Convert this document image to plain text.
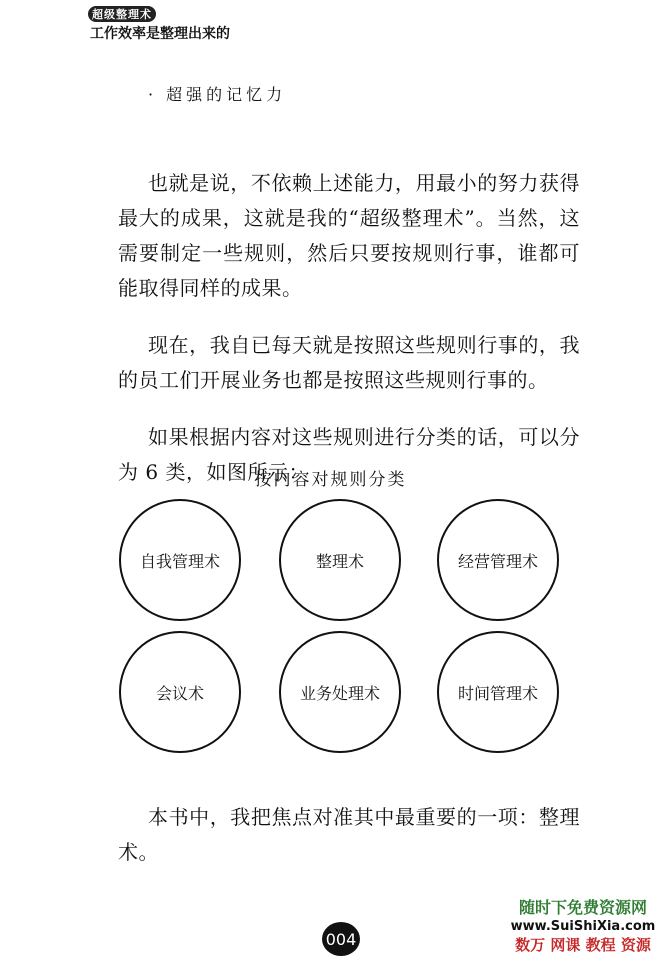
超级整理术
工作效率是整理出来的
· 超强的记忆力
也就是说，不依赖上述能力，用最小的努力获得最大的成果，这就是我的“超级整理术”。当然，这需要制定一些规则，然后只要按规则行事，谁都可能取得同样的成果。
现在，我自已每天就是按照这些规则行事的，我的员工们开展业务也都是按照这些规则行事的。
如果根据内容对这些规则进行分类的话，可以分为 6 类，如图所示：
按内容对规则分类
自我管理术	整理术	经营管理术
会议术	业务处理术	时间管理术
本书中，我把焦点对准其中最重要的一项：整理术。
004
随时下免费资源网
www.SuiShiXia.com
数万 网课 教程 资源
